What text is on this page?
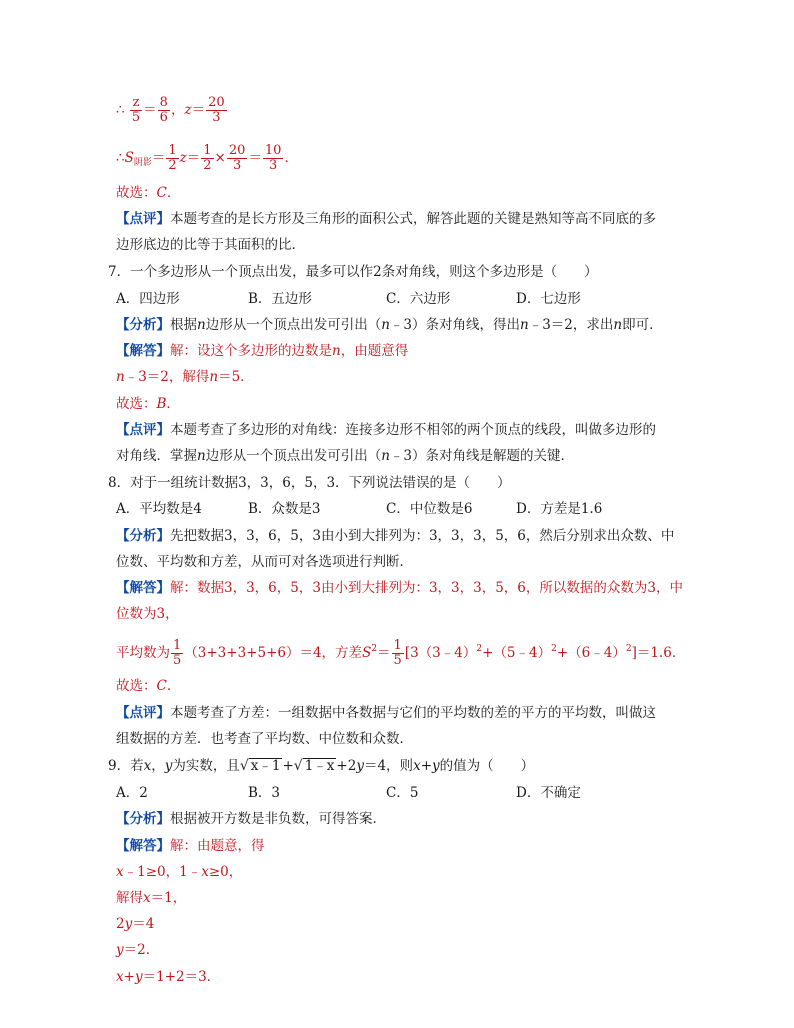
∴ $\frac{z}{5} = \frac{8}{6}$ ，$z= \frac{20}{3}$
$\therefore S_{阴影}= \frac{1}{2} z= \frac{1}{2} \times \frac{20}{3} = \frac{10}{3}$ ．
故选：C．
【点评】本题考查的是长方形及三角形的面积公式，解答此题的关键是熟知等高不同底的多
边形底边的比等于其面积的比．
7．一个多边形从一个顶点出发，最多可以作2条对角线，则这个多边形是（　　）
A．四边形	B．五边形	C．六边形	D．七边形
【分析】根据n边形从一个顶点出发可引出（n﹣3）条对角线，得出n﹣3＝2，求出n即可．
【解答】解：设这个多边形的边数是n，由题意得
n﹣3＝2，解得n＝5．
故选：B．
【点评】本题考查了多边形的对角线：连接多边形不相邻的两个顶点的线段，叫做多边形的
对角线．掌握n边形从一个顶点出发可引出（n﹣3）条对角线是解题的关键．
8．对于一组统计数据3，3，6，5，3．下列说法错误的是（　　）
A．平均数是4	B．众数是3	C．中位数是6	D．方差是1.6
【分析】先把数据3，3，6，5，3由小到大排列为：3，3，3，5，6，然后分别求出众数、中
位数、平均数和方差，从而可对各选项进行判断．
【解答】解：数据3，3，6，5，3由小到大排列为：3，3，3，5，6，所以数据的众数为3，中
位数为3，
平均数为 $\frac{1}{5} (3+3+3+5+6)=4$，方差$S^2= \frac{1}{5}$ [3（3﹣4）$^2$+（5﹣4）$^2$+（6﹣4）$^2$]＝1.6．
故选：C．
【点评】本题考查了方差：一组数据中各数据与它们的平均数的差的平方的平均数，叫做这
组数据的方差．也考查了平均数、中位数和众数．
9．若x，y为实数，且√ x﹣1 +√ 1﹣x +2y＝4，则x+y的值为（　　）
A．2	B．3	C．5	D．不确定
【分析】根据被开方数是非负数，可得答案．
【解答】解：由题意，得
x﹣1≥0，1﹣x≥0，
解得x＝1，
2y＝4
y＝2．
x+y＝1+2＝3．
